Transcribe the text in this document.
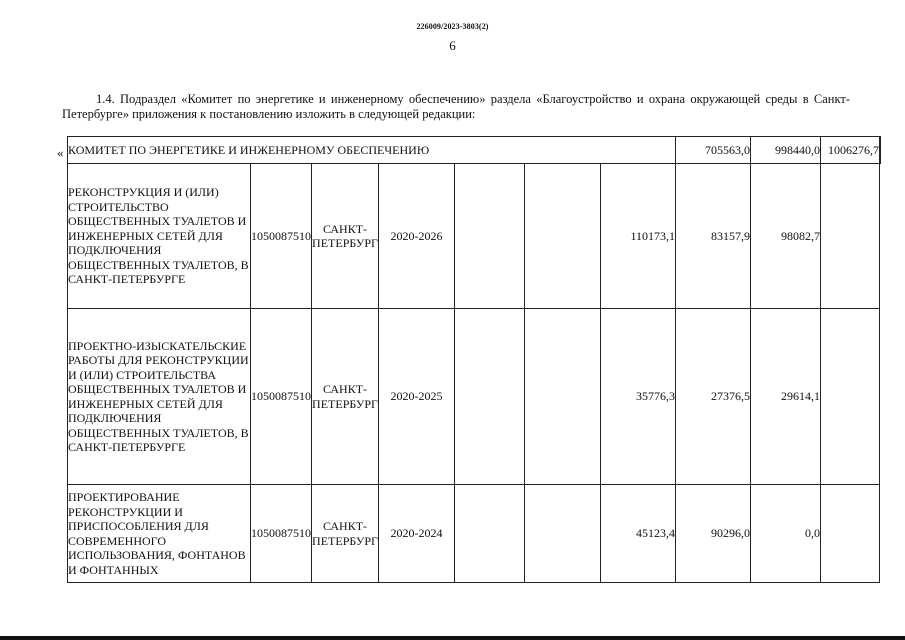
226009/2023-3803(2)
6
1.4. Подраздел «Комитет по энергетике и инженерному обеспечению» раздела «Благоустройство и охрана окружающей среды в Санкт-Петербурге» приложения к постановлению изложить в следующей редакции:
« КОМИТЕТ ПО ЭНЕРГЕТИКЕ И ИНЖЕНЕРНОМУ ОБЕСПЕЧЕНИЮ							705563,0	998440,0	1006276,7	
РЕКОНСТРУКЦИЯ И (ИЛИ) СТРОИТЕЛЬСТВО ОБЩЕСТВЕННЫХ ТУАЛЕТОВ И ИНЖЕНЕРНЫХ СЕТЕЙ ДЛЯ ПОДКЛЮЧЕНИЯ ОБЩЕСТВЕННЫХ ТУАЛЕТОВ, В САНКТ-ПЕТЕРБУРГЕ	1050087510	САНКТ-ПЕТЕРБУРГ	2020-2026			110173,1	83157,9	98082,7		
ПРОЕКТНО-ИЗЫСКАТЕЛЬСКИЕ РАБОТЫ ДЛЯ РЕКОНСТРУКЦИИ И (ИЛИ) СТРОИТЕЛЬСТВА ОБЩЕСТВЕННЫХ ТУАЛЕТОВ И ИНЖЕНЕРНЫХ СЕТЕЙ ДЛЯ ПОДКЛЮЧЕНИЯ ОБЩЕСТВЕННЫХ ТУАЛЕТОВ, В САНКТ-ПЕТЕРБУРГЕ	1050087510	САНКТ-ПЕТЕРБУРГ	2020-2025			35776,3	27376,5	29614,1		
ПРОЕКТИРОВАНИЕ РЕКОНСТРУКЦИИ И ПРИСПОСОБЛЕНИЯ ДЛЯ СОВРЕМЕННОГО ИСПОЛЬЗОВАНИЯ, ФОНТАНОВ И ФОНТАННЫХ	1050087510	САНКТ-ПЕТЕРБУРГ	2020-2024			45123,4	90296,0	0,0		
